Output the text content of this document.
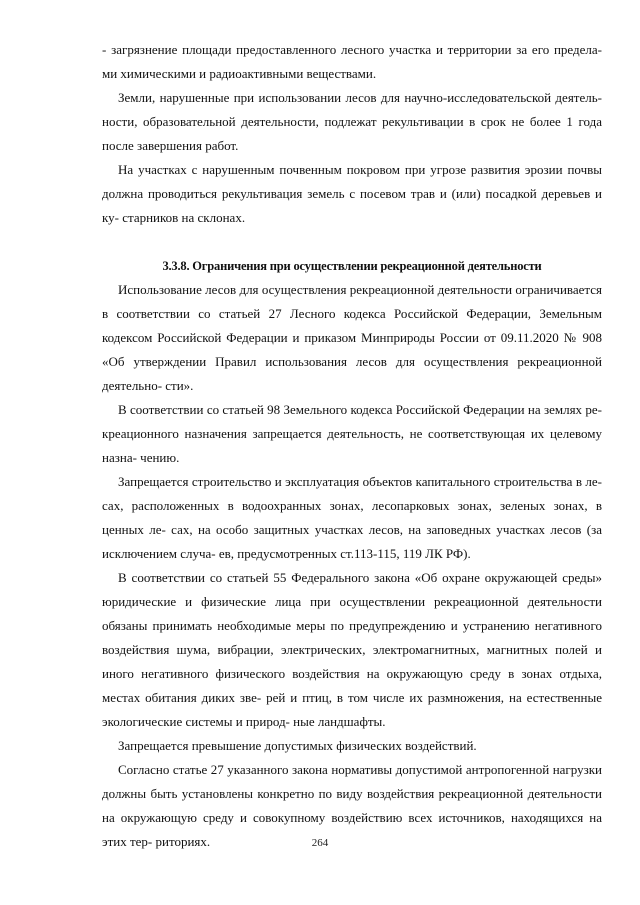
- загрязнение площади предоставленного лесного участка и территории за его предела- ми химическими и радиоактивными веществами.

Земли, нарушенные при использовании лесов для научно-исследовательской деятель- ности, образовательной деятельности, подлежат рекультивации в срок не более 1 года после завершения работ.

На участках с нарушенным почвенным покровом при угрозе развития эрозии почвы должна проводиться рекультивация земель с посевом трав и (или) посадкой деревьев и ку- старников на склонах.

3.3.8. Ограничения при осуществлении рекреационной деятельности

Использование лесов для осуществления рекреационной деятельности ограничивается в соответствии со статьей 27 Лесного кодекса Российской Федерации, Земельным кодексом Российской Федерации и приказом Минприроды России от 09.11.2020 № 908 «Об утверждении Правил использования лесов для осуществления рекреационной деятельно- сти».

В соответствии со статьей 98 Земельного кодекса Российской Федерации на землях ре- креационного назначения запрещается деятельность, не соответствующая их целевому назна- чению.

Запрещается строительство и эксплуатация объектов капитального строительства в ле- сах, расположенных в водоохранных зонах, лесопарковых зонах, зеленых зонах, в ценных ле- сах, на особо защитных участках лесов, на заповедных участках лесов (за исключением случа- ев, предусмотренных ст.113-115, 119 ЛК РФ).

В соответствии со статьей 55 Федерального закона «Об охране окружающей среды» юридические и физические лица при осуществлении рекреационной деятельности обязаны принимать необходимые меры по предупреждению и устранению негативного воздействия шума, вибрации, электрических, электромагнитных, магнитных полей и иного негативного физического воздействия на окружающую среду в зонах отдыха, местах обитания диких зве- рей и птиц, в том числе их размножения, на естественные экологические системы и природ- ные ландшафты.

Запрещается превышение допустимых физических воздействий.

Согласно статье 27 указанного закона нормативы допустимой антропогенной нагрузки должны быть установлены конкретно по виду воздействия рекреационной деятельности на окружающую среду и совокупному воздействию всех источников, находящихся на этих тер- риториях.	264
